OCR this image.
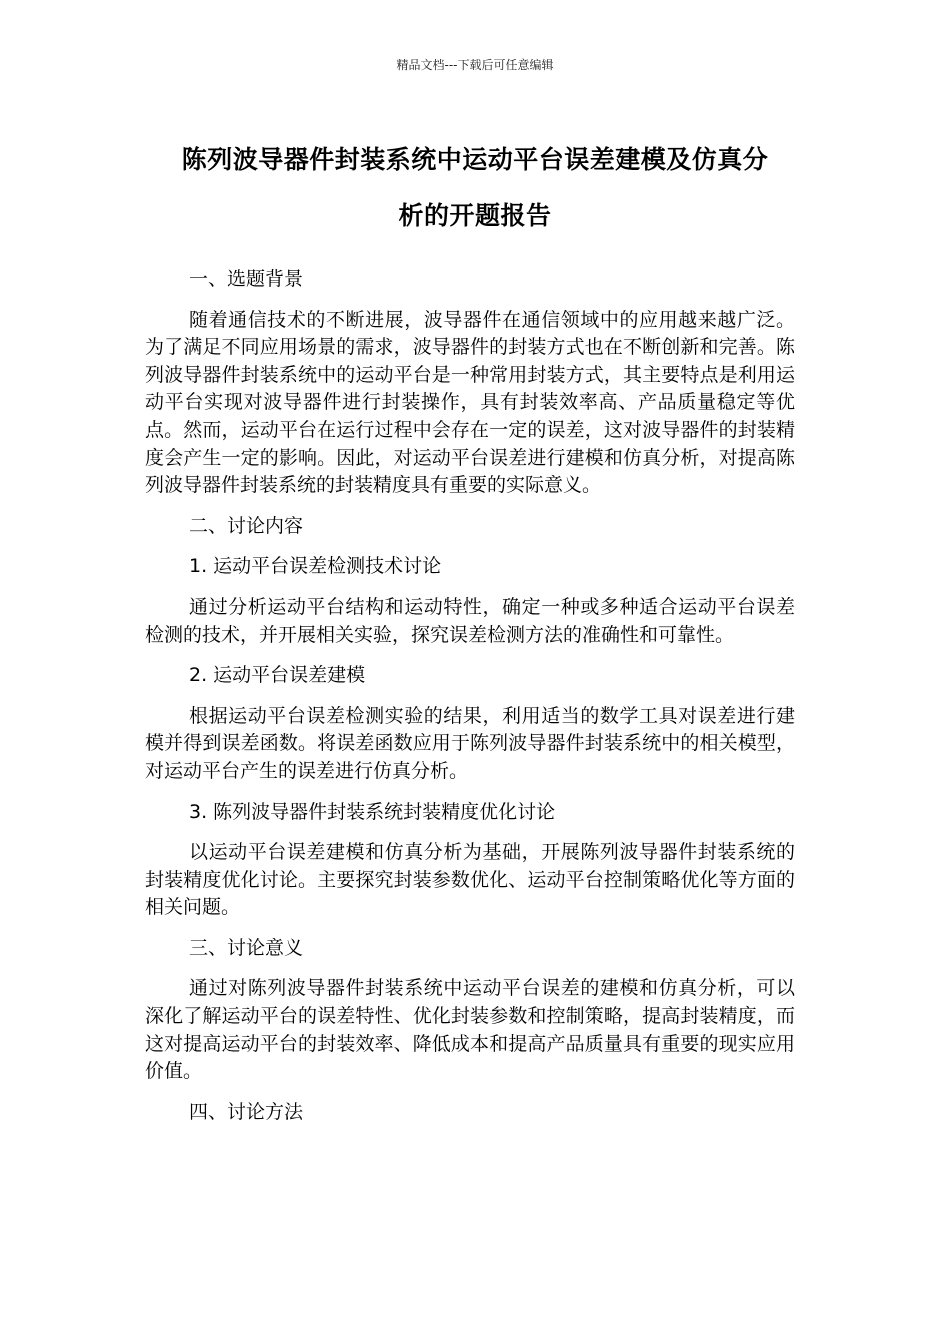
精品文档---下载后可任意编辑
陈列波导器件封装系统中运动平台误差建模及仿真分
析的开题报告

一、选题背景

随着通信技术的不断进展，波导器件在通信领域中的应用越来越广泛。为了满足不同应用场景的需求，波导器件的封装方式也在不断创新和完善。陈列波导器件封装系统中的运动平台是一种常用封装方式，其主要特点是利用运动平台实现对波导器件进行封装操作，具有封装效率高、产品质量稳定等优点。然而，运动平台在运行过程中会存在一定的误差，这对波导器件的封装精度会产生一定的影响。因此，对运动平台误差进行建模和仿真分析，对提高陈列波导器件封装系统的封装精度具有重要的实际意义。

二、讨论内容

1. 运动平台误差检测技术讨论

通过分析运动平台结构和运动特性，确定一种或多种适合运动平台误差检测的技术，并开展相关实验，探究误差检测方法的准确性和可靠性。

2. 运动平台误差建模

根据运动平台误差检测实验的结果，利用适当的数学工具对误差进行建模并得到误差函数。将误差函数应用于陈列波导器件封装系统中的相关模型，对运动平台产生的误差进行仿真分析。

3. 陈列波导器件封装系统封装精度优化讨论

以运动平台误差建模和仿真分析为基础，开展陈列波导器件封装系统的封装精度优化讨论。主要探究封装参数优化、运动平台控制策略优化等方面的相关问题。

三、讨论意义

通过对陈列波导器件封装系统中运动平台误差的建模和仿真分析，可以深化了解运动平台的误差特性、优化封装参数和控制策略，提高封装精度，而这对提高运动平台的封装效率、降低成本和提高产品质量具有重要的现实应用价值。

四、讨论方法
